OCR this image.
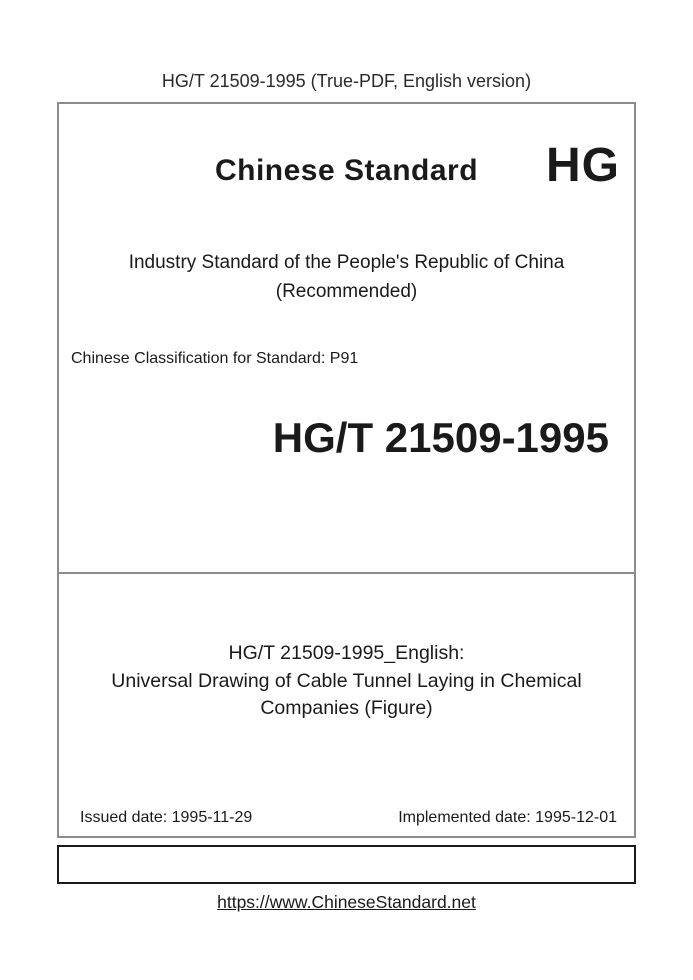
HG/T 21509-1995 (True-PDF, English version)
Chinese Standard	HG
Industry Standard of the People's Republic of China
(Recommended)
Chinese Classification for Standard: P91
HG/T 21509-1995
HG/T 21509-1995_English:
Universal Drawing of Cable Tunnel Laying in Chemical
Companies (Figure)
Issued date: 1995-11-29	Implemented date: 1995-12-01
https://www.ChineseStandard.net
